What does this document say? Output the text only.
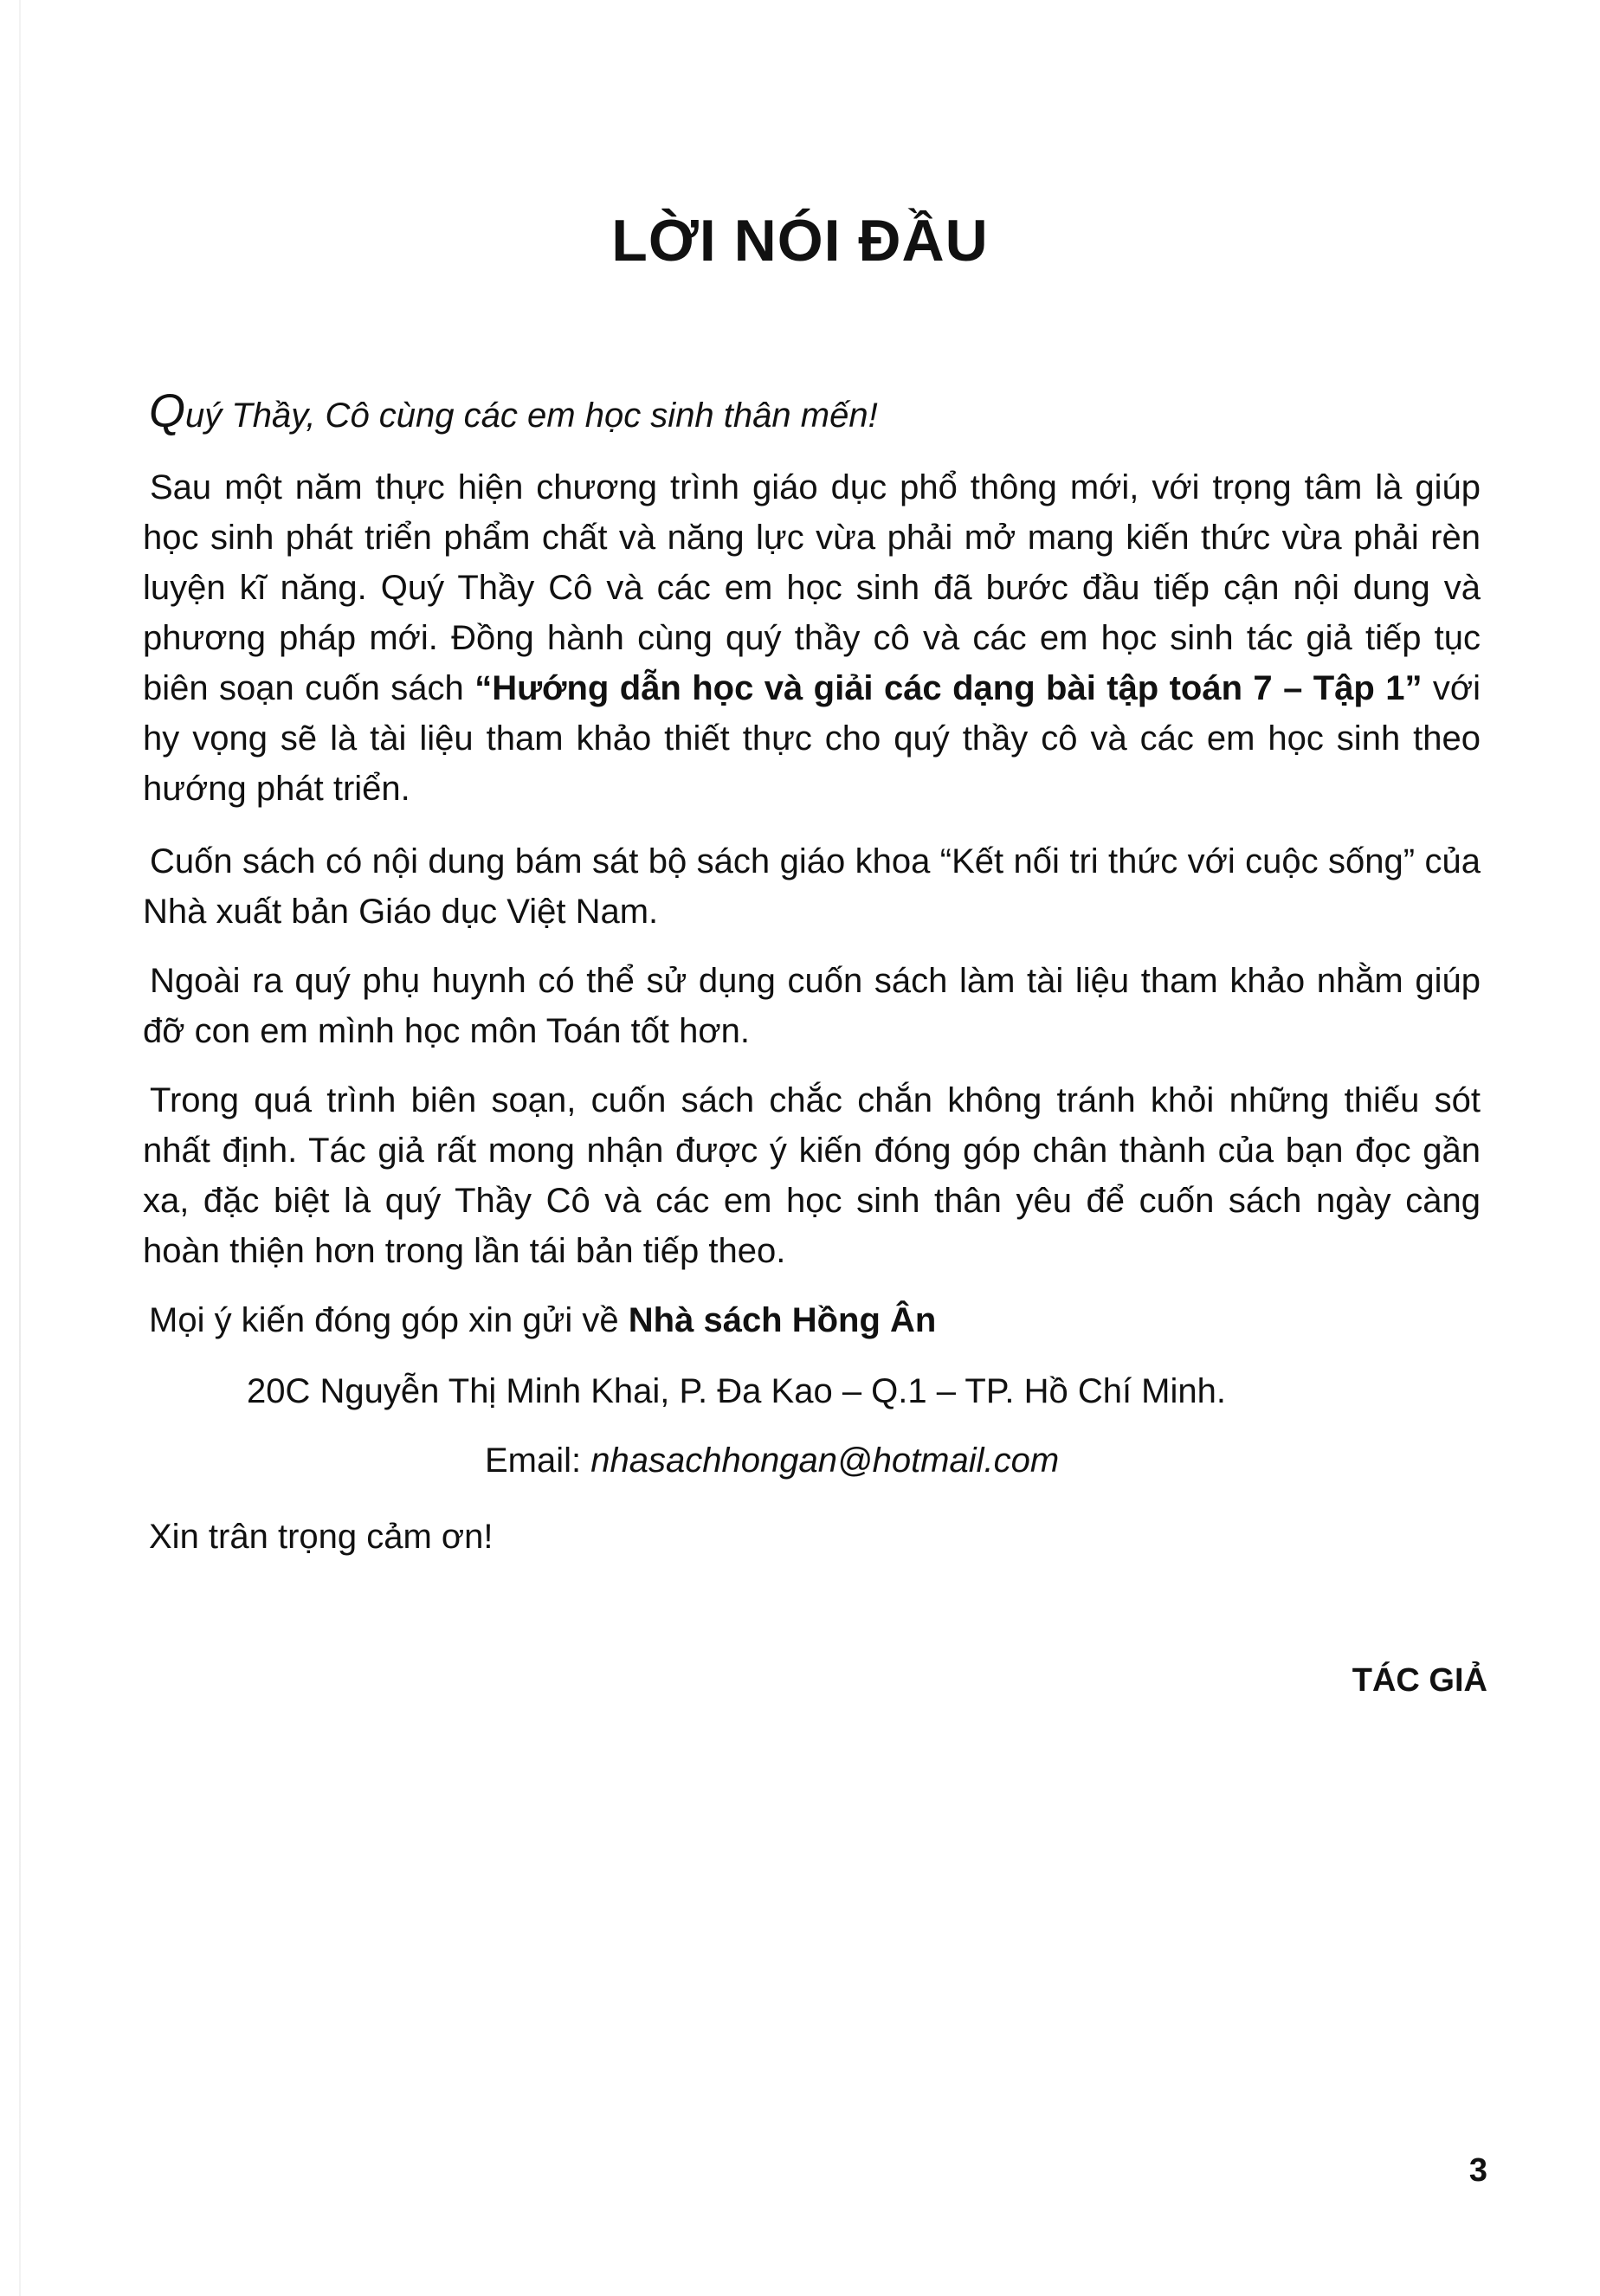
LỜI NÓI ĐẦU
Quý Thầy, Cô cùng các em học sinh thân mến!

Sau một năm thực hiện chương trình giáo dục phổ thông mới, với trọng tâm là giúp học sinh phát triển phẩm chất và năng lực vừa phải mở mang kiến thức vừa phải rèn luyện kĩ năng. Quý Thầy Cô và các em học sinh đã bước đầu tiếp cận nội dung và phương pháp mới. Đồng hành cùng quý thầy cô và các em học sinh tác giả tiếp tục biên soạn cuốn sách “Hướng dẫn học và giải các dạng bài tập toán 7 – Tập 1” với hy vọng sẽ là tài liệu tham khảo thiết thực cho quý thầy cô và các em học sinh theo hướng phát triển.

Cuốn sách có nội dung bám sát bộ sách giáo khoa “Kết nối tri thức với cuộc sống” của Nhà xuất bản Giáo dục Việt Nam.

Ngoài ra quý phụ huynh có thể sử dụng cuốn sách làm tài liệu tham khảo nhằm giúp đỡ con em mình học môn Toán tốt hơn.

Trong quá trình biên soạn, cuốn sách chắc chắn không tránh khỏi những thiếu sót nhất định. Tác giả rất mong nhận được ý kiến đóng góp chân thành của bạn đọc gần xa, đặc biệt là quý Thầy Cô và các em học sinh thân yêu để cuốn sách ngày càng hoàn thiện hơn trong lần tái bản tiếp theo.

Mọi ý kiến đóng góp xin gửi về Nhà sách Hồng Ân
20C Nguyễn Thị Minh Khai, P. Đa Kao – Q.1 – TP. Hồ Chí Minh.
Email: nhasachhongan@hotmail.com
Xin trân trọng cảm ơn!
TÁC GIẢ
3
